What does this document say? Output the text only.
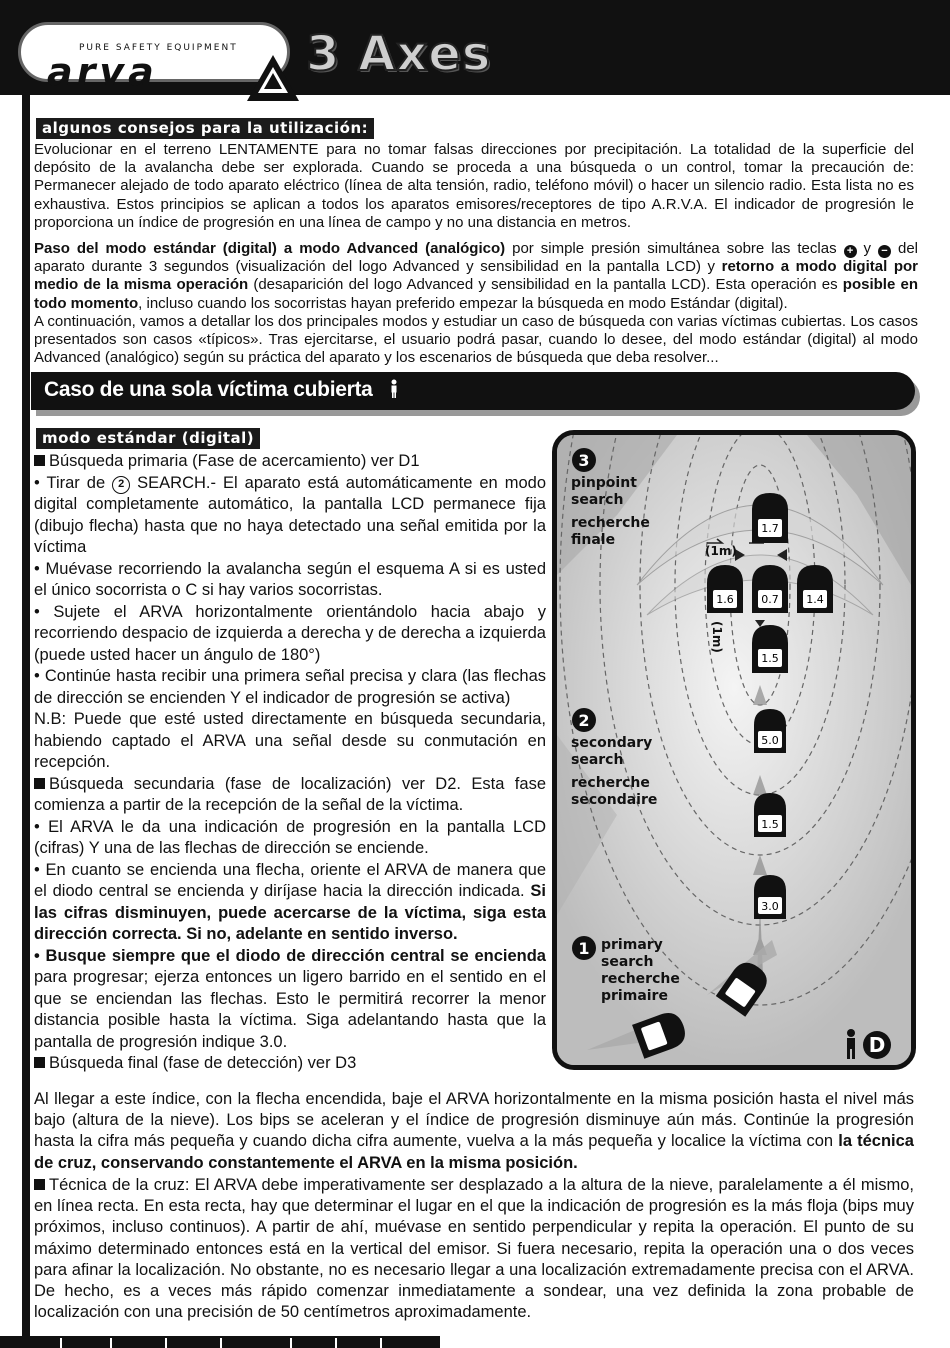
PURE SAFETY EQUIPMENT
arva	3 Axes
algunos consejos para la utilización:
Evolucionar en el terreno LENTAMENTE para no tomar falsas direcciones por precipitación. La totalidad de la superficie del depósito de la avalancha debe ser explorada. Cuando se proceda a una búsqueda o un control, tomar la precaución de: Permanecer alejado de todo aparato eléctrico (línea de alta tensión, radio, teléfono móvil) o hacer un silencio radio. Esta lista no es exhaustiva. Estos principios se aplican a todos los aparatos emisores/receptores de tipo A.R.V.A. El indicador de progresión le proporciona un índice de progresión en una línea de campo y no una distancia en metros.
Paso del modo estándar (digital) a modo Advanced (analógico) por simple presión simultánea sobre las teclas + y − del aparato durante 3 segundos (visualización del logo Advanced y sensibilidad en la pantalla LCD) y retorno a modo digital por medio de la misma operación (desaparición del logo Advanced y sensibilidad en la pantalla LCD). Esta operación es posible en todo momento, incluso cuando los socorristas hayan preferido empezar la búsqueda en modo Estándar (digital).
A continuación, vamos a detallar los dos principales modos y estudiar un caso de búsqueda con varias víctimas cubiertas. Los casos presentados son casos «típicos». Tras ejercitarse, el usuario podrá pasar, cuando lo desee, del modo estándar (digital) al modo Advanced (analógico) según su práctica del aparato y los escenarios de búsqueda que deba resolver...
Caso de una sola víctima cubierta
modo estándar (digital)
Búsqueda primaria (Fase de acercamiento) ver D1
• Tirar de 2 SEARCH.- El aparato está automáticamente en modo digital completamente automático, la pantalla LCD permanece fija (dibujo flecha) hasta que no haya detectado una señal emitida por la víctima
• Muévase recorriendo la avalancha según el esquema A si es usted el único socorrista o C si hay varios socorristas.
• Sujete el ARVA horizontalmente orientándolo hacia abajo y recorriendo despacio de izquierda a derecha y de derecha a izquierda (puede usted hacer un ángulo de 180°)
• Continúe hasta recibir una primera señal precisa y clara (las flechas de dirección se encienden Y el indicador de progresión se activa)
N.B: Puede que esté usted directamente en búsqueda secundaria, habiendo captado el ARVA una señal desde su conmutación en recepción.
Búsqueda secundaria (fase de localización) ver D2. Esta fase comienza a partir de la recepción de la señal de la víctima.
• El ARVA le da una indicación de progresión en la pantalla LCD (cifras) Y una de las flechas de dirección se enciende.
• En cuanto se encienda una flecha, oriente el ARVA de manera que el diodo central se encienda y diríjase hacia la dirección indicada. Si las cifras disminuyen, puede acercarse de la víctima, siga esta dirección correcta. Si no, adelante en sentido inverso.
• Busque siempre que el diodo de dirección central se encienda para progresar; ejerza entonces un ligero barrido en el sentido en el que se enciendan las flechas. Esto le permitirá recorrer la menor distancia posible hasta la víctima. Siga adelantando hasta que la pantalla de progresión indique 3.0.
Búsqueda final (fase de detección) ver D3
Al llegar a este índice, con la flecha encendida, baje el ARVA horizontalmente en la misma posición hasta el nivel más bajo (altura de la nieve). Los bips se aceleran y el índice de progresión disminuye aún más. Continúe la progresión hasta la cifra más pequeña y cuando dicha cifra aumente, vuelva a la más pequeña y localice la víctima con la técnica de cruz, conservando constantemente el ARVA en la misma posición.
Técnica de la cruz: El ARVA debe imperativamente ser desplazado a la altura de la nieve, paralelamente a él mismo, en línea recta. En esta recta, hay que determinar el lugar en el que la indicación de progresión es la más floja (bips muy próximos, incluso continuos). A partir de ahí, muévase en sentido perpendicular y repita la operación. El punto de su máximo determinado entonces está en la vertical del emisor. Si fuera necesario, repita la operación una o dos veces para afinar la localización. No obstante, no es necesario llegar a una localización extremadamente precisa con el ARVA. De hecho, es a veces más rápido comenzar inmediatamente a sondear, una vez definida la zona probable de localización con una precisión de 50 centímetros aproximadamente.
1.7
1.6	0.7	1.4
1.5
5.0
1.5
3.0
D
3
pinpoint
search
recherche
finale
(1m)
(1m)
2
secondary
search
recherche
secondaire
1 primary
search
recherche
primaire
